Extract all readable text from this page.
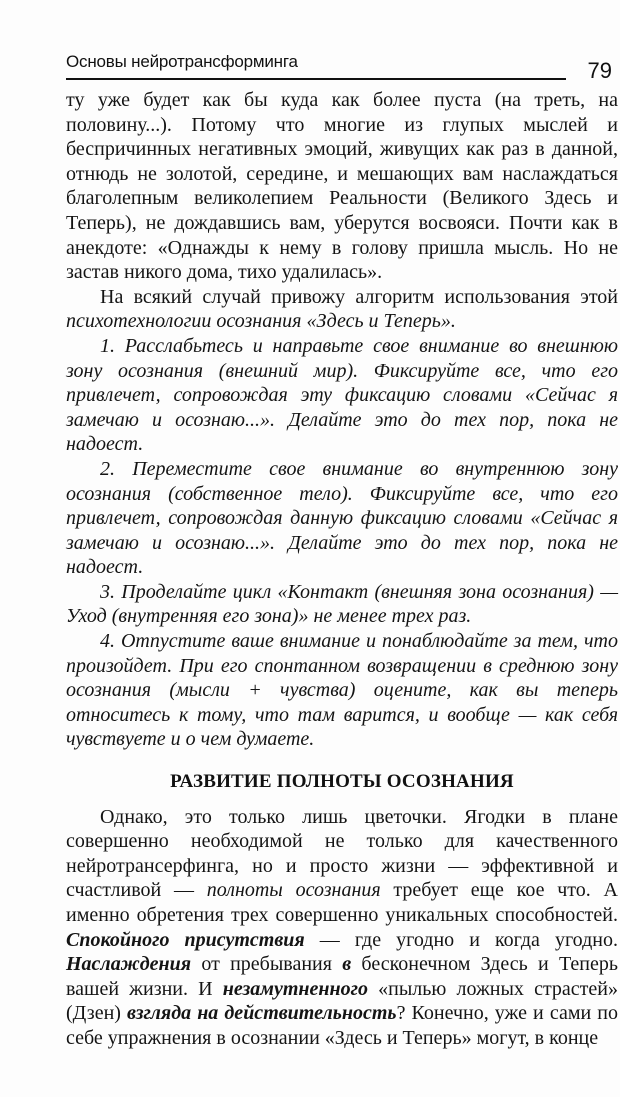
Основы нейротрансформинга	79

ту уже будет как бы куда как более пуста (на треть, на половину...). Потому что многие из глупых мыслей и беспричинных негативных эмоций, живущих как раз в данной, отнюдь не золотой, середине, и мешающих вам наслаждаться благолепным великолепием Реальности (Великого Здесь и Теперь), не дождавшись вам, уберутся восвояси. Почти как в анекдоте: «Однажды к нему в голову пришла мысль. Но не застав никого дома, тихо удалилась».

На всякий случай привожу алгоритм использования этой психотехнологии осознания «Здесь и Теперь».

1. Расслабьтесь и направьте свое внимание во внешнюю зону осознания (внешний мир). Фиксируйте все, что его привлечет, сопровождая эту фиксацию словами «Сейчас я замечаю и осознаю...». Делайте это до тех пор, пока не надоест.

2. Переместите свое внимание во внутреннюю зону осознания (собственное тело). Фиксируйте все, что его привлечет, сопровождая данную фиксацию словами «Сейчас я замечаю и осознаю...». Делайте это до тех пор, пока не надоест.

3. Проделайте цикл «Контакт (внешняя зона осознания) — Уход (внутренняя его зона)» не менее трех раз.

4. Отпустите ваше внимание и понаблюдайте за тем, что произойдет. При его спонтанном возвращении в среднюю зону осознания (мысли + чувства) оцените, как вы теперь относитесь к тому, что там варится, и вообще — как себя чувствуете и о чем думаете.

РАЗВИТИЕ ПОЛНОТЫ ОСОЗНАНИЯ

Однако, это только лишь цветочки. Ягодки в плане совершенно необходимой не только для качественного нейротрансерфинга, но и просто жизни — эффективной и счастливой — полноты осознания требует еще кое что. А именно обретения трех совершенно уникальных способностей. Спокойного присутствия — где угодно и когда угодно. Наслаждения от пребывания в бесконечном Здесь и Теперь вашей жизни. И незамутненного «пылью ложных страстей» (Дзен) взгляда на действительность? Конечно, уже и сами по себе упражнения в осознании «Здесь и Теперь» могут, в конце
